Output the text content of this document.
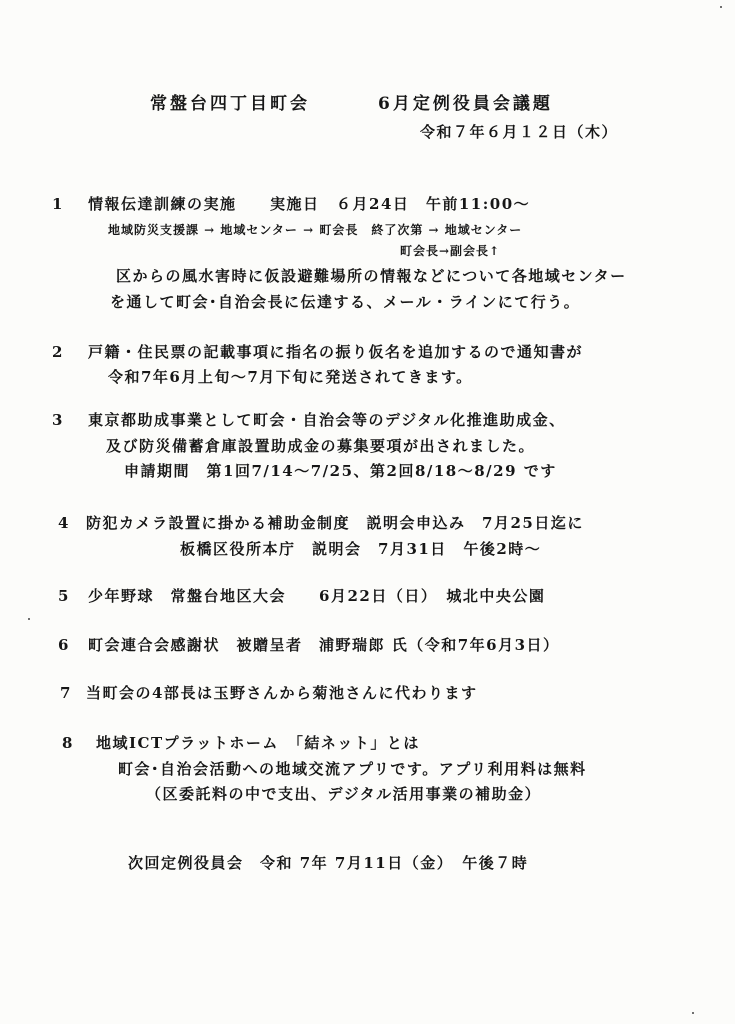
常盤台四丁目町会	6月定例役員会議題
令和７年６月１２日（木）
1 情報伝達訓練の実施 実施日　６月24日　午前11:00～
地域防災支援課 → 地域センター → 町会長　終了次第 → 地域センター
町会長→副会長↑
区からの風水害時に仮設避難場所の情報などについて各地域センター
を通して町会･自治会長に伝達する、メール・ラインにて行う。
2 戸籍・住民票の記載事項に指名の振り仮名を追加するので通知書が
令和7年6月上旬～7月下旬に発送されてきます。
3 東京都助成事業として町会・自治会等のデジタル化推進助成金、
及び防災備蓄倉庫設置助成金の募集要項が出されました。
申請期間　第1回7/14～7/25、第2回8/18～8/29 です
4 防犯カメラ設置に掛かる補助金制度　説明会申込み　7月25日迄に
板橋区役所本庁　説明会　7月31日　午後2時～
5 少年野球　常盤台地区大会　　6月22日（日）　城北中央公園
6 町会連合会感謝状　被贈呈者　浦野瑞郎 氏（令和7年6月3日）
7 当町会の4部長は玉野さんから菊池さんに代わります
8 地域ICTプラットホーム　「結ネット」とは
町会･自治会活動への地域交流アプリです。アプリ利用料は無料
（区委託料の中で支出、デジタル活用事業の補助金）
次回定例役員会　令和 7年 7月11日（金）　午後７時
